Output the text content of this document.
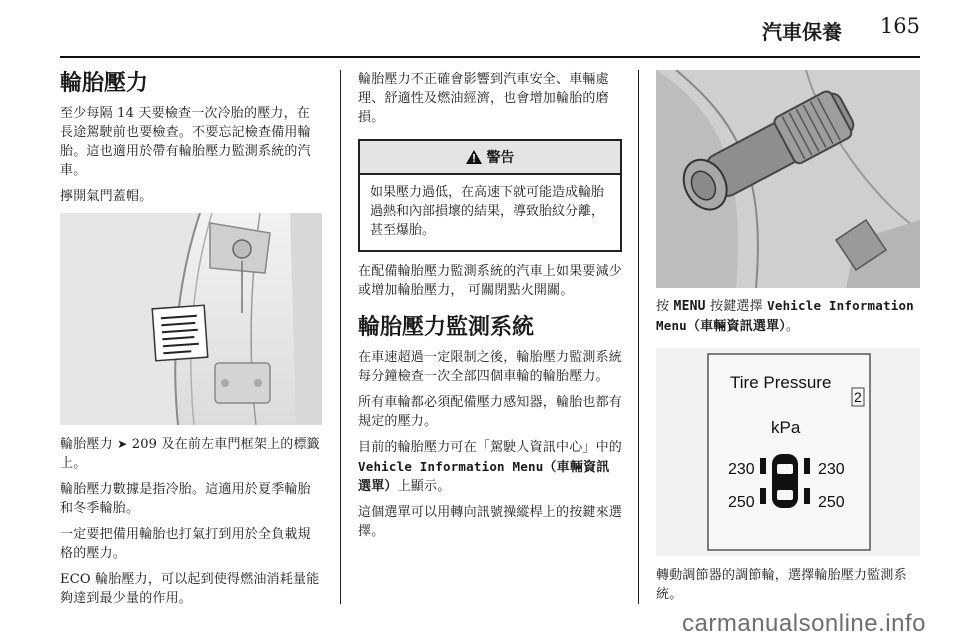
汽車保養 165
輪胎壓力

至少每隔 14 天要檢查一次冷胎的壓力，在長途駕駛前也要檢查。不要忘記檢查備用輪胎。這也適用於帶有輪胎壓力監測系統的汽車。

擰開氣門蓋帽。

輪胎壓力 ➤ 209 及在前左車門框架上的標籤上。

輪胎壓力數據是指冷胎。這適用於夏季輪胎和冬季輪胎。

一定要把備用輪胎也打氣打到用於全負載規格的壓力。

ECO 輪胎壓力，可以起到使得燃油消耗量能夠達到最少量的作用。

輪胎壓力不正確會影響到汽車安全、車輛處理、舒適性及燃油經濟，也會增加輪胎的磨損。

警告
如果壓力過低，在高速下就可能造成輪胎過熱和內部損壞的結果，導致胎紋分離，甚至爆胎。

在配備輪胎壓力監測系統的汽車上如果要減少或增加輪胎壓力， 可關閉點火開關。

輪胎壓力監測系統

在車速超過一定限制之後，輪胎壓力監測系統每分鐘檢查一次全部四個車輪的輪胎壓力。

所有車輪都必須配備壓力感知器，輪胎也都有規定的壓力。

目前的輪胎壓力可在「駕駛人資訊中心」中的 Vehicle Information Menu（車輛資訊選單）上顯示。

這個選單可以用轉向訊號操縱桿上的按鍵來選擇。

按 MENU 按鍵選擇 Vehicle Information Menu（車輛資訊選單）。

Tire Pressure
2
kPa
230	230
250	250

轉動調節器的調節輪，選擇輪胎壓力監測系統。

carmanualsonline.info
